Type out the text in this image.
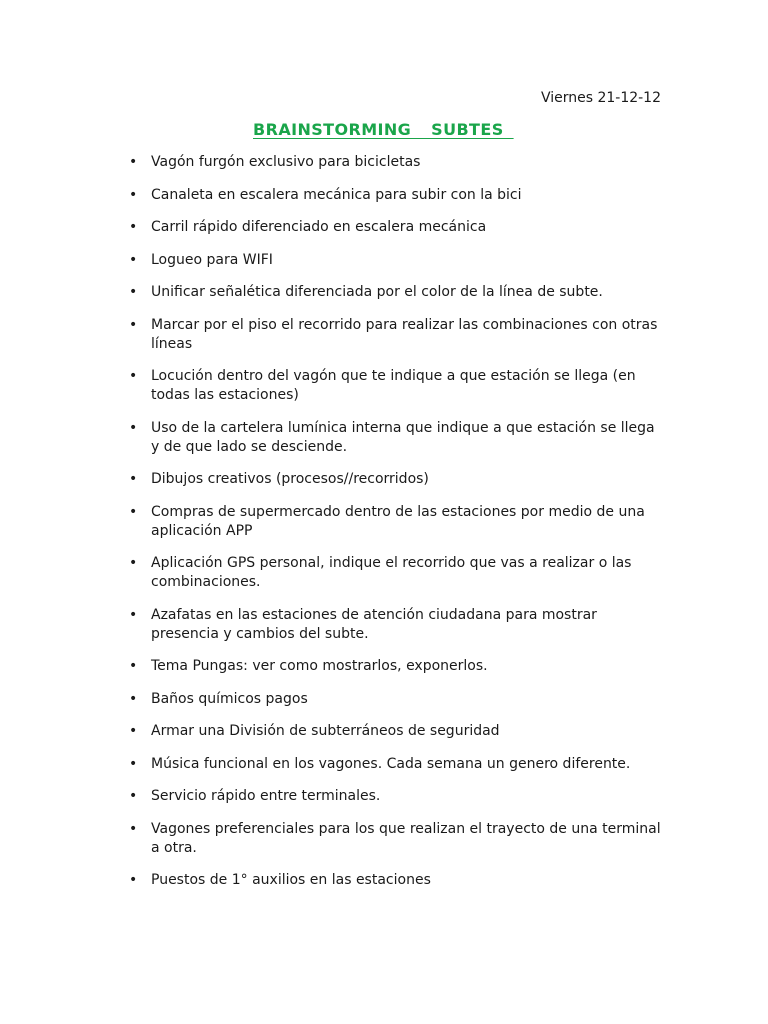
Viernes 21-12-12
BRAINSTORMING  SUBTES
• Vagón furgón exclusivo para bicicletas
• Canaleta en escalera mecánica para subir con la bici
• Carril rápido diferenciado en escalera mecánica
• Logueo para WIFI
• Unificar señalética diferenciada por el color de la línea de subte.
• Marcar por el piso el recorrido para realizar las combinaciones con otras líneas
• Locución dentro del vagón que te indique a que estación se llega (en todas las estaciones)
• Uso de la cartelera lumínica interna que indique a que estación se llega y de que lado se desciende.
• Dibujos creativos (procesos//recorridos)
• Compras de supermercado dentro de las estaciones por medio de una aplicación APP
• Aplicación GPS personal, indique el recorrido que vas a realizar o las combinaciones.
• Azafatas en las estaciones de atención ciudadana para mostrar presencia y cambios del subte.
• Tema Pungas: ver como mostrarlos, exponerlos.
• Baños químicos pagos
• Armar una División de subterráneos de seguridad
• Música funcional en los vagones. Cada semana un genero diferente.
• Servicio rápido entre terminales.
• Vagones preferenciales para los que realizan el trayecto de una terminal a otra.
• Puestos de 1° auxilios en las estaciones
